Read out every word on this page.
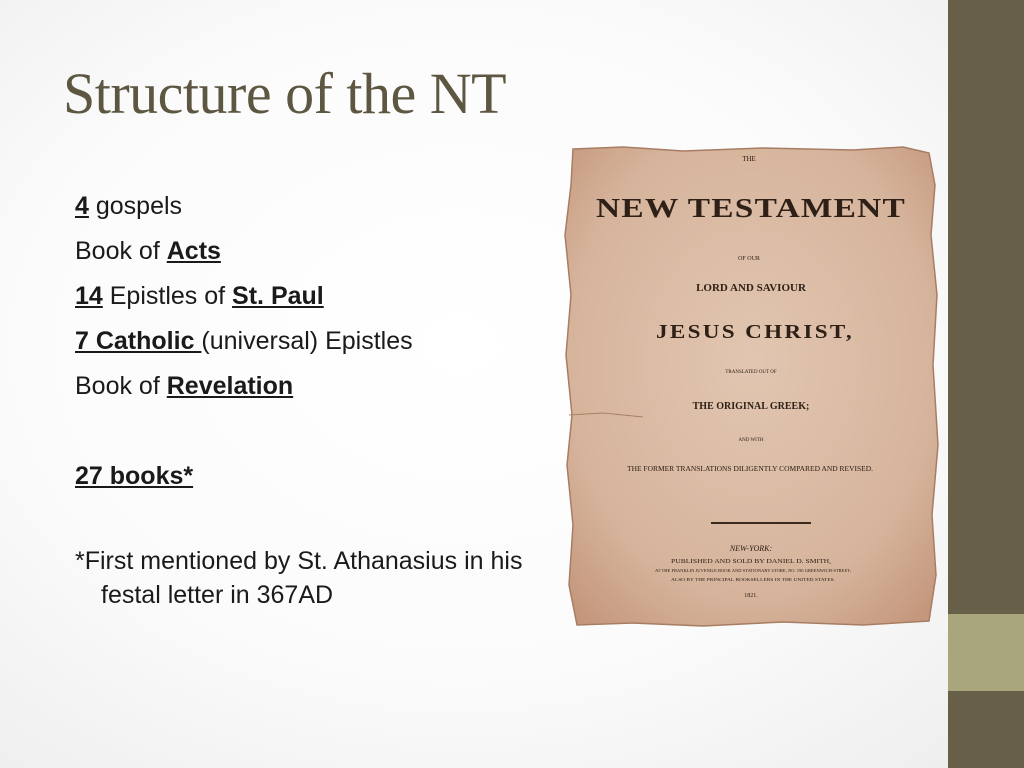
Structure of the NT
4 gospels
Book of Acts
14 Epistles of St. Paul
7 Catholic (universal) Epistles
Book of Revelation
27 books*
*First mentioned by St. Athanasius in his
festal letter in 367AD
THE
NEW TESTAMENT
OF OUR
LORD AND SAVIOUR
JESUS CHRIST,
TRANSLATED OUT OF
THE ORIGINAL GREEK;
AND WITH
THE FORMER TRANSLATIONS DILIGENTLY COMPARED AND REVISED.
NEW-YORK:
PUBLISHED AND SOLD BY DANIEL D. SMITH,
AT THE FRANKLIN JUVENILE BOOK AND STATIONARY STORE, NO. 190 GREENWICH-STREET;
ALSO BY THE PRINCIPAL BOOKSELLERS IN THE UNITED STATES.
1821.
